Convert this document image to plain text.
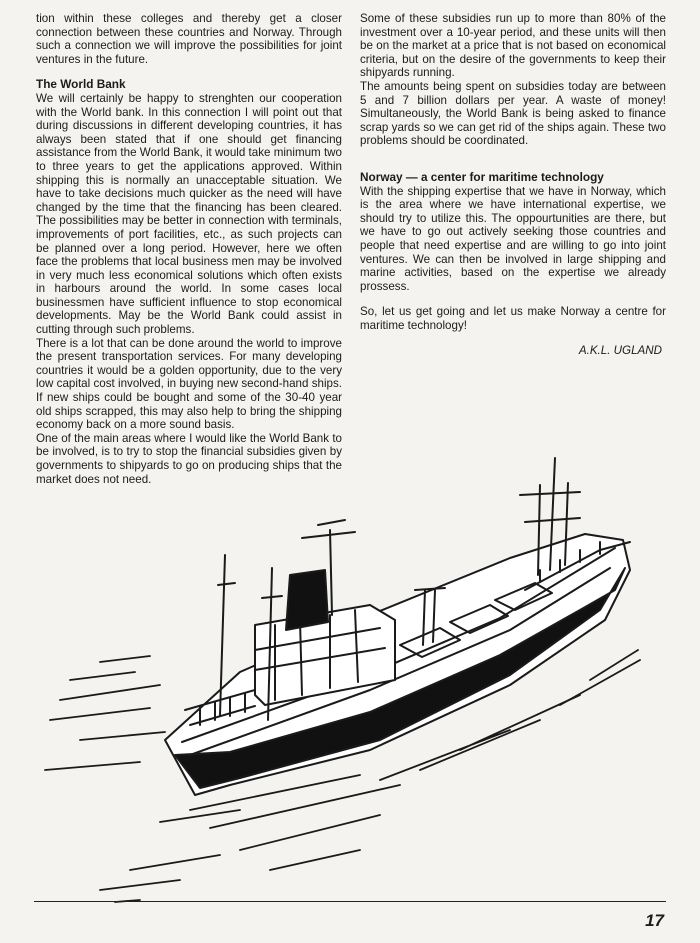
tion within these colleges and thereby get a closer connection between these countries and Norway. Through such a connection we will improve the possibilities for joint ventures in the future.

The World Bank

We will certainly be happy to strenghten our cooperation with the World bank. In this connection I will point out that during discussions in different developing countries, it has always been stated that if one should get financing assistance from the World Bank, it would take minimum two to three years to get the applications approved. Within shipping this is normally an unacceptable situation. We have to take decisions much quicker as the need will have changed by the time that the financing has been cleared. The possibilities may be better in connection with terminals, improvements of port facilities, etc., as such projects can be planned over a long period. However, here we often face the problems that local business men may be involved in very much less economical solutions which often exists in harbours around the world. In some cases local businessmen have sufficient influence to stop economical developments. May be the World Bank could assist in cutting through such problems.

There is a lot that can be done around the world to improve the present transportation services. For many developing countries it would be a golden opportunity, due to the very low capital cost involved, in buying new second-hand ships. If new ships could be bought and some of the 30-40 year old ships scrapped, this may also help to bring the shipping economy back on a more sound basis.

One of the main areas where I would like the World Bank to be involved, is to try to stop the financial subsidies given by governments to shipyards to go on producing ships that the market does not need.

Some of these subsidies run up to more than 80% of the investment over a 10-year period, and these units will then be on the market at a price that is not based on economical criteria, but on the desire of the governments to keep their shipyards running.

The amounts being spent on subsidies today are between 5 and 7 billion dollars per year. A waste of money! Simultaneously, the World Bank is being asked to finance scrap yards so we can get rid of the ships again. These two problems should be coordinated.

Norway — a center for maritime technology

With the shipping expertise that we have in Norway, which is the area where we have international expertise, we should try to utilize this. The oppourtunities are there, but we have to go out actively seeking those countries and people that need expertise and are willing to go into joint ventures. We can then be involved in large shipping and marine activities, based on the expertise we already prossess.

So, let us get going and let us make Norway a centre for maritime technology!

A.K.L. UGLAND
17
